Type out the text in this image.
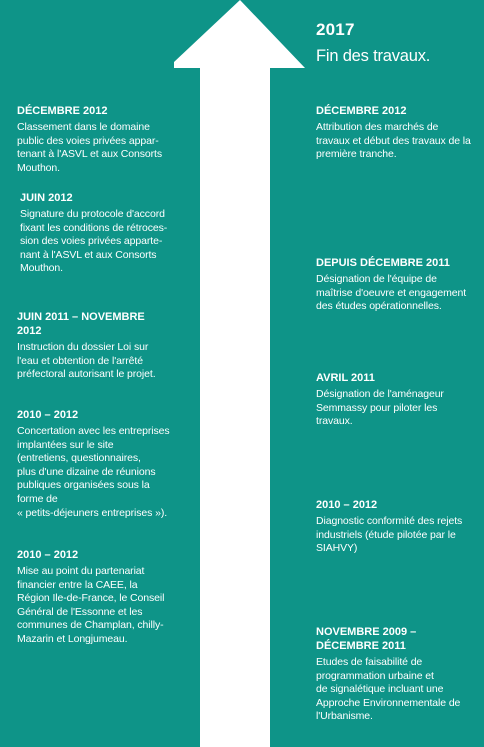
2017
Fin des travaux.
DÉCEMBRE 2012
Classement dans le domaine
public des voies privées appar-
tenant à l'ASVL et aux Consorts
Mouthon.
JUIN 2012
Signature du protocole d'accord
fixant les conditions de rétroces-
sion des voies privées apparte-
nant à l'ASVL et aux Consorts
Mouthon.
JUIN 2011 – NOVEMBRE
2012
Instruction du dossier Loi sur
l'eau et obtention de l'arrêté
préfectoral autorisant le projet.
2010 – 2012
Concertation avec les entreprises
implantées sur le site
(entretiens, questionnaires,
plus d'une dizaine de réunions
publiques organisées sous la
forme de
« petits-déjeuners entreprises »).
2010 – 2012
Mise au point du partenariat
financier entre la CAEE, la
Région Ile-de-France, le Conseil
Général de l'Essonne et les
communes de Champlan, chilly-
Mazarin et Longjumeau.
DÉCEMBRE 2012
Attribution des marchés de
travaux et début des travaux de la
première tranche.
DEPUIS DÉCEMBRE 2011
Désignation de l'équipe de
maîtrise d'oeuvre et engagement
des études opérationnelles.
AVRIL 2011
Désignation de l'aménageur
Semmassy pour piloter les
travaux.
2010 – 2012
Diagnostic conformité des rejets
industriels (étude pilotée par le
SIAHVY)
NOVEMBRE 2009 –
DÉCEMBRE 2011
Etudes de faisabilité de
programmation urbaine et
de signalétique incluant une
Approche Environnementale de
l'Urbanisme.
